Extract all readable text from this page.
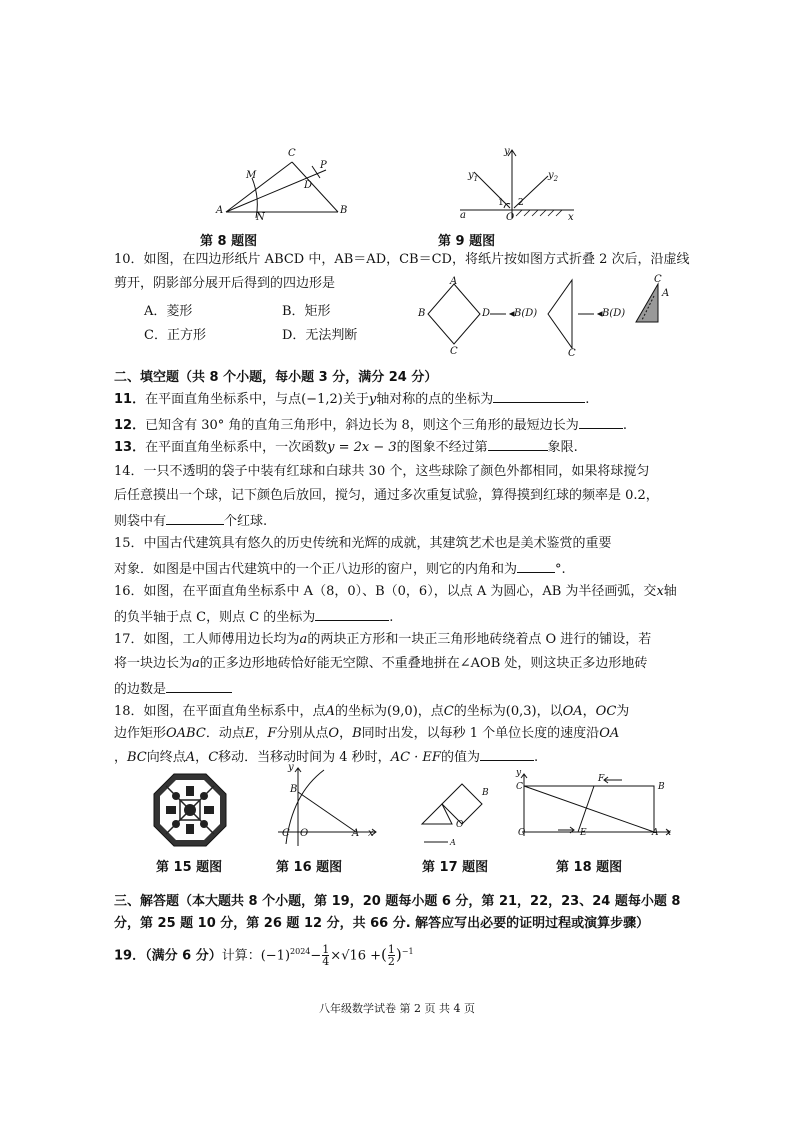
A	B
C
M
N
D
P
第 8 题图
y
$y_1$	$y_2$
a	O	x
1 2
第 9 题图
10．如图，在四边形纸片 ABCD 中，AB＝AD，CB＝CD，将纸片按如图方式折叠 2 次后，沿虚线
剪开，阴影部分展开后得到的四边形是
A．菱形	B．矩形
C．正方形	D．无法判断
A
B	D
C
B(D)
C
B(D)
C
A
二、填空题（共 8 个小题，每小题 3 分，满分 24 分）
11．在平面直角坐标系中，与点(−1,2)关于y轴对称的点的坐标为	.
12．已知含有 30° 角的直角三角形中，斜边长为 8，则这个三角形的最短边长为	.
13．在平面直角坐标系中，一次函数y = 2x − 3的图象不经过第	象限.
14．一只不透明的袋子中装有红球和白球共 30 个，这些球除了颜色外都相同，如果将球搅匀
后任意摸出一个球，记下颜色后放回，搅匀，通过多次重复试验，算得摸到红球的频率是 0.2，
则袋中有	个红球.
15．中国古代建筑具有悠久的历史传统和光辉的成就，其建筑艺术也是美术鉴赏的重要
对象．如图是中国古代建筑中的一个正八边形的窗户，则它的内角和为	°.
16．如图，在平面直角坐标系中 A（8，0）、B（0，6），以点 A 为圆心，AB 为半径画弧，交x轴
的负半轴于点 C，则点 C 的坐标为	.
17．如图，工人师傅用边长均为a的两块正方形和一块正三角形地砖绕着点 O 进行的铺设，若
将一块边长为a的正多边形地砖恰好能无空隙、不重叠地拼在∠AOB 处，则这块正多边形地砖
的边数是
18．如图，在平面直角坐标系中，点A的坐标为(9,0)，点C的坐标为(0,3)，以OA，OC为
边作矩形OABC．动点E，F分别从点O，B同时出发，以每秒 1 个单位长度的速度沿OA
，BC向终点A，C移动．当移动时间为 4 秒时，AC · EF的值为	.
第 15 题图
y
B
C O	A x
第 16 题图
B
O
A
第 17 题图
y
C
F
B
O	E	A x
第 18 题图
三、解答题（本大题共 8 个小题，第 19，20 题每小题 6 分，第 21，22，23、24 题每小题 8
分，第 25 题 10 分，第 26 题 12 分，共 66 分. 解答应写出必要的证明过程或演算步骤）
19．（满分 6 分）计算：$(-1)^{2024}- \frac{1}{4} \times√16$ +( $\frac{1}{2} )^{-1}$
八年级数学试卷 第 2 页 共 4 页
